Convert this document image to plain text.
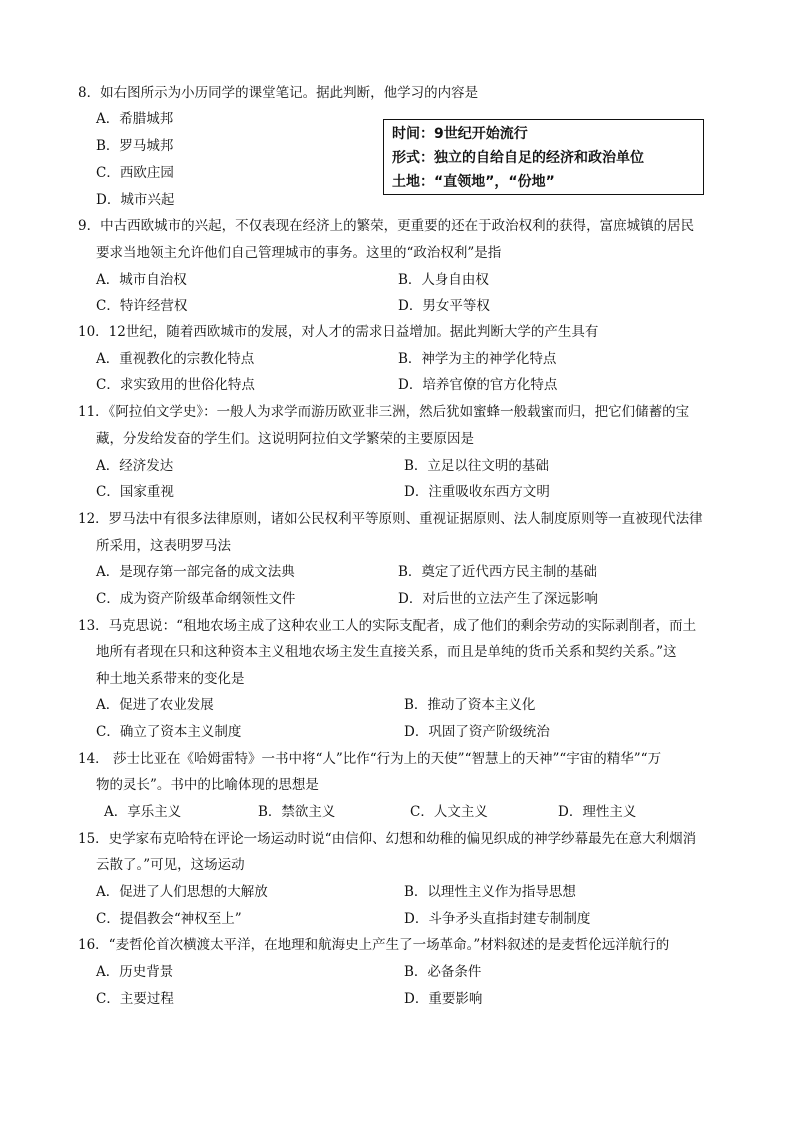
8．如右图所示为小历同学的课堂笔记。据此判断，他学习的内容是
A．希腊城邦
B．罗马城邦
C．西欧庄园
D．城市兴起
时间：9世纪开始流行
形式：独立的自给自足的经济和政治单位
土地：“直领地”，“份地”
9．中古西欧城市的兴起，不仅表现在经济上的繁荣，更重要的还在于政治权利的获得，富庶城镇的居民
要求当地领主允许他们自己管理城市的事务。这里的“政治权利”是指
A．城市自治权	B．人身自由权
C．特许经营权	D．男女平等权
10．12世纪，随着西欧城市的发展，对人才的需求日益增加。据此判断大学的产生具有
A．重视教化的宗教化特点	B．神学为主的神学化特点
C．求实致用的世俗化特点	D．培养官僚的官方化特点
11．《阿拉伯文学史》：一般人为求学而游历欧亚非三洲，然后犹如蜜蜂一般载蜜而归，把它们储蓄的宝
藏，分发给发奋的学生们。这说明阿拉伯文学繁荣的主要原因是
A．经济发达	B．立足以往文明的基础
C．国家重视	D．注重吸收东西方文明
12．罗马法中有很多法律原则，诸如公民权利平等原则、重视证据原则、法人制度原则等一直被现代法律
所采用，这表明罗马法
A．是现存第一部完备的成文法典	B．奠定了近代西方民主制的基础
C．成为资产阶级革命纲领性文件	D．对后世的立法产生了深远影响
13．马克思说：“租地农场主成了这种农业工人的实际支配者，成了他们的剩余劳动的实际剥削者，而土
地所有者现在只和这种资本主义租地农场主发生直接关系，而且是单纯的货币关系和契约关系。”这
种土地关系带来的变化是
A．促进了农业发展	B．推动了资本主义化
C．确立了资本主义制度	D．巩固了资产阶级统治
14． 莎士比亚在《哈姆雷特》一书中将“人”比作“行为上的天使”“智慧上的天神”“宇宙的精华”“万
物的灵长”。书中的比喻体现的思想是
A．享乐主义	B．禁欲主义	C．人文主义	D．理性主义
15．史学家布克哈特在评论一场运动时说“由信仰、幻想和幼稚的偏见织成的神学纱幕最先在意大利烟消
云散了。”可见，这场运动
A．促进了人们思想的大解放	B．以理性主义作为指导思想
C．提倡教会“神权至上”	D．斗争矛头直指封建专制制度
16．“麦哲伦首次横渡太平洋，在地理和航海史上产生了一场革命。”材料叙述的是麦哲伦远洋航行的
A．历史背景	B．必备条件
C．主要过程	D．重要影响
